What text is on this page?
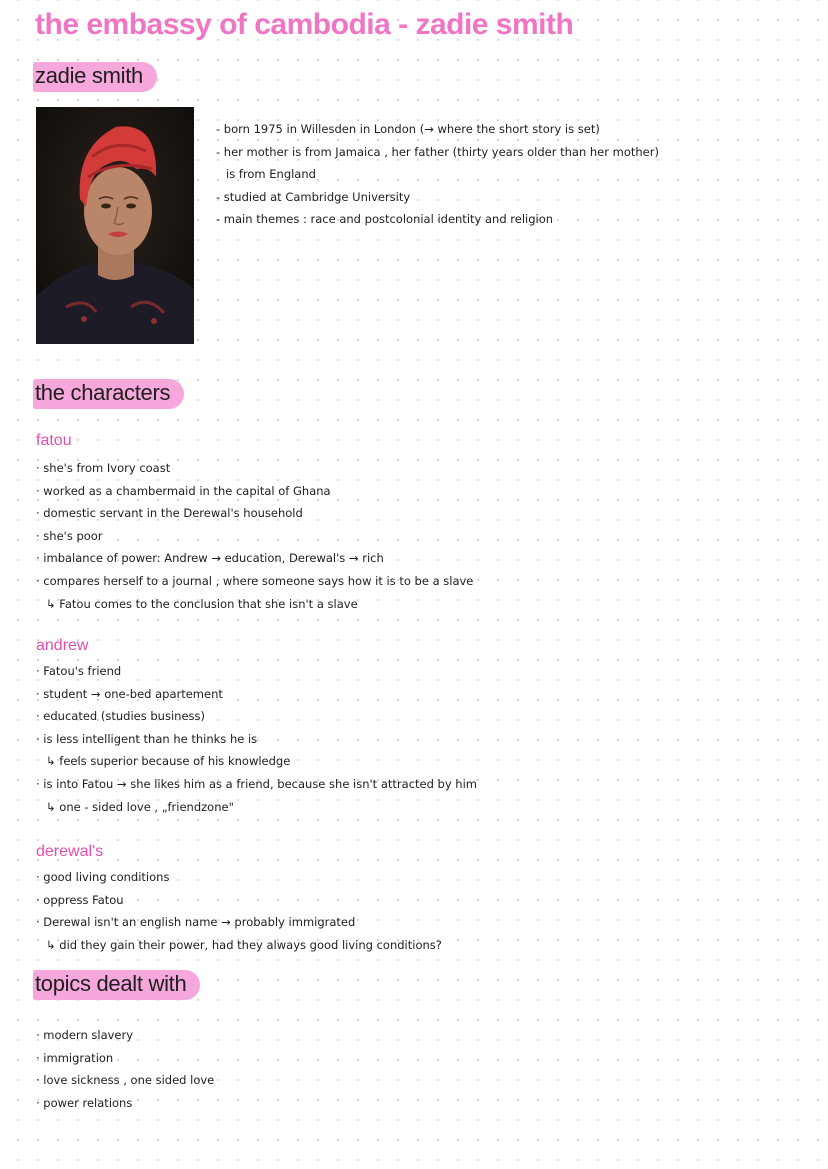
the embassy of cambodia - zadie smith
zadie smith
- born 1975 in Willesden in London (→ where the short story is set)
- her mother is from Jamaica , her father (thirty years older than her mother)
is from England
- studied at Cambridge University
- main themes : race and postcolonial identity and religion
the characters
fatou
· she's from Ivory coast
· worked as a chambermaid in the capital of Ghana
· domestic servant in the Derewal's household
· she's poor
· imbalance of power: Andrew → education, Derewal's → rich
· compares herself to a journal , where someone says how it is to be a slave
↳ Fatou comes to the conclusion that she isn't a slave
andrew
· Fatou's friend
· student → one-bed apartement
· educated (studies business)
· is less intelligent than he thinks he is
↳ feels superior because of his knowledge
· is into Fatou → she likes him as a friend, because she isn't attracted by him
↳ one - sided love , „friendzone"
derewal's
· good living conditions
· oppress Fatou
· Derewal isn't an english name → probably immigrated
↳ did they gain their power, had they always good living conditions?
topics dealt with
· modern slavery
· immigration
· love sickness , one sided love
· power relations
